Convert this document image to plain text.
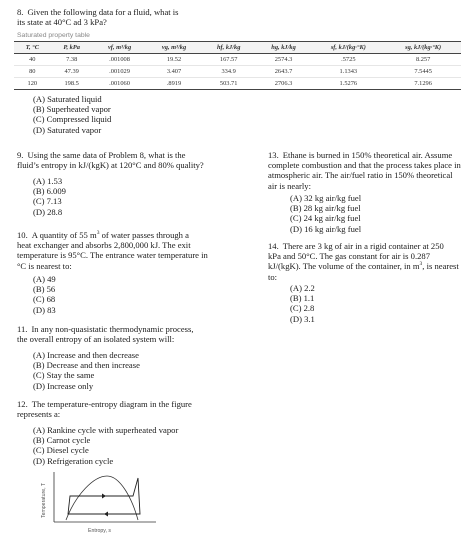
8. Given the following data for a fluid, what is
its state at 40°C ad 3 kPa?
Saturated property table
T, °C	P, kPa	vf, m³/kg	vg, m³/kg	hf, kJ/kg	hg, kJ/kg	sf, kJ/(kg·°K)	sg, kJ/(kg·°K)
40	7.38	.001008	19.52	167.57	2574.3	.5725	8.257
80	47.39	.001029	3.407	334.9	2643.7	1.1343	7.5445
120	198.5	.001060	.8919	503.71	2706.3	1.5276	7.1296
(A) Saturated liquid
(B) Superheated vapor
(C) Compressed liquid
(D) Saturated vapor
9. Using the same data of Problem 8, what is the
fluid’s entropy in kJ/(kgK) at 120°C and 80% quality?
(A) 1.53
(B) 6.009
(C) 7.13
(D) 28.8
10. A quantity of 55 $m^3$ of water passes through a
heat exchanger and absorbs 2,800,000 kJ. The exit
temperature is 95°C. The entrance water temperature in
°C is nearest to:
(A) 49
(B) 56
(C) 68
(D) 83
11. In any non-quasistatic thermodynamic process,
the overall entropy of an isolated system will:
(A) Increase and then decrease
(B) Decrease and then increase
(C) Stay the same
(D) Increase only
12. The temperature-entropy diagram in the figure
represents a:
(A) Rankine cycle with superheated vapor
(B) Carnot cycle
(C) Diesel cycle
(D) Refrigeration cycle
Temperature, T
Entropy, s
13. Ethane is burned in 150% theoretical air. Assume
complete combustion and that the process takes place in
atmospheric air. The air/fuel ratio in 150% theoretical
air is nearly:
(A) 32 kg air/kg fuel
(B) 28 kg air/kg fuel
(C) 24 kg air/kg fuel
(D) 16 kg air/kg fuel
14. There are 3 kg of air in a rigid container at 250
kPa and 50°C. The gas constant for air is 0.287
kJ/(kgK). The volume of the container, in $m^3$, is nearest
to:
(A) 2.2
(B) 1.1
(C) 2.8
(D) 3.1
